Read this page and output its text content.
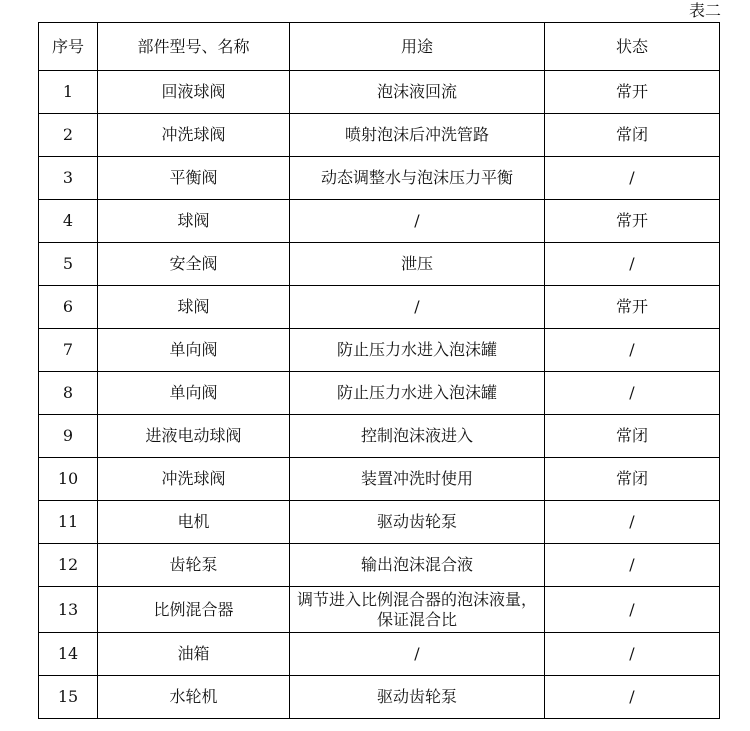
表二
序号	部件型号、名称	用途	状态
1	回液球阀	泡沫液回流	常开
2	冲洗球阀	喷射泡沫后冲洗管路	常闭
3	平衡阀	动态调整水与泡沫压力平衡	/
4	球阀	/	常开
5	安全阀	泄压	/
6	球阀	/	常开
7	单向阀	防止压力水进入泡沫罐	/
8	单向阀	防止压力水进入泡沫罐	/
9	进液电动球阀	控制泡沫液进入	常闭
10	冲洗球阀	装置冲洗时使用	常闭
11	电机	驱动齿轮泵	/
12	齿轮泵	输出泡沫混合液	/
13	比例混合器	调节进入比例混合器的泡沫液量，保证混合比	/
14	油箱	/	/
15	水轮机	驱动齿轮泵	/
